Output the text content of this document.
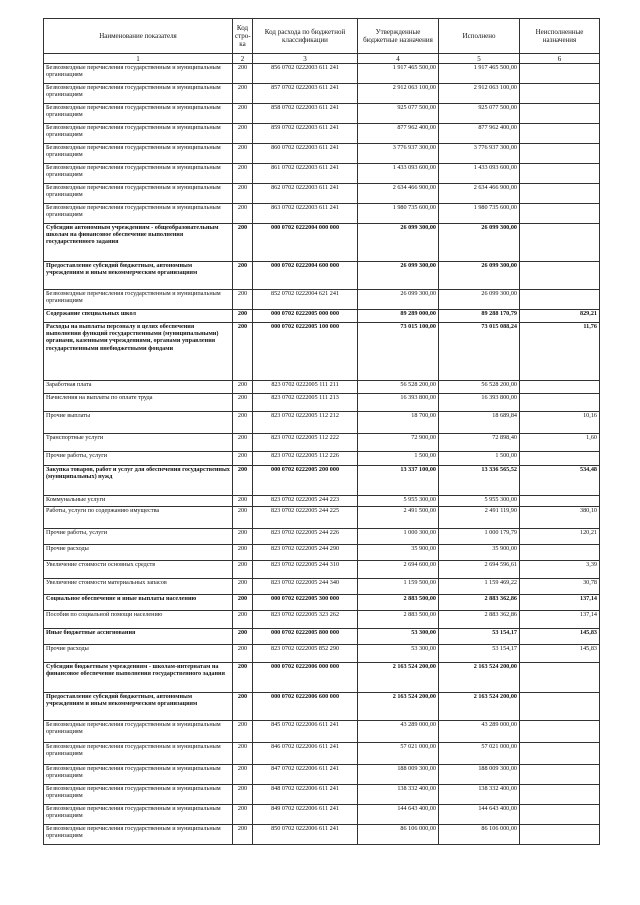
Наименование показателя	Код стро-ка	Код расхода по бюджетной классификации	Утвержденные бюджетные назначения	Исполнено	Неисполненные назначения
1	2	3	4	5	6
Безвозмездные перечисления государственным и муниципальным организациям	200	856 0702 0222003 611 241	1 917 465 500,00	1 917 465 500,00	
Безвозмездные перечисления государственным и муниципальным организациям	200	857 0702 0222003 611 241	2 912 063 100,00	2 912 063 100,00	
Безвозмездные перечисления государственным и муниципальным организациям	200	858 0702 0222003 611 241	925 077 500,00	925 077 500,00	
Безвозмездные перечисления государственным и муниципальным организациям	200	859 0702 0222003 611 241	877 962 400,00	877 962 400,00	
Безвозмездные перечисления государственным и муниципальным организациям	200	860 0702 0222003 611 241	3 776 937 300,00	3 776 937 300,00	
Безвозмездные перечисления государственным и муниципальным организациям	200	861 0702 0222003 611 241	1 433 093 600,00	1 433 093 600,00	
Безвозмездные перечисления государственным и муниципальным организациям	200	862 0702 0222003 611 241	2 634 466 900,00	2 634 466 900,00	
Безвозмездные перечисления государственным и муниципальным организациям	200	863 0702 0222003 611 241	1 980 735 600,00	1 980 735 600,00	
Субсидии автономным учреждениям - общеобразовательным школам на финансовое обеспечение выполнения государственного задания	200	000 0702 0222004 000 000	26 099 300,00	26 099 300,00	
Предоставление субсидий бюджетным, автономным учреждениям и иным некоммерческим организациям	200	000 0702 0222004 600 000	26 099 300,00	26 099 300,00	
Безвозмездные перечисления государственным и муниципальным организациям	200	852 0702 0222004 621 241	26 099 300,00	26 099 300,00	
Содержание специальных школ	200	000 0702 0222005 000 000	89 289 000,00	89 288 170,79	829,21
Расходы на выплаты персоналу в целях обеспечения выполнения функций государственными (муниципальными) органами, казенными учреждениями, органами управления государственными внебюджетными фондами	200	000 0702 0222005 100 000	73 015 100,00	73 015 088,24	11,76
Заработная плата	200	823 0702 0222005 111 211	56 528 200,00	56 528 200,00	
Начисления на выплаты по оплате труда	200	823 0702 0222005 111 213	16 393 800,00	16 393 800,00	
Прочие выплаты	200	823 0702 0222005 112 212	18 700,00	18 689,84	10,16
Транспортные услуги	200	823 0702 0222005 112 222	72 900,00	72 898,40	1,60
Прочие работы, услуги	200	823 0702 0222005 112 226	1 500,00	1 500,00	
Закупка товаров, работ и услуг для обеспечения государственных (муниципальных) нужд	200	000 0702 0222005 200 000	13 337 100,00	13 336 565,52	534,48
Коммунальные услуги	200	823 0702 0222005 244 223	5 955 300,00	5 955 300,00	
Работы, услуги по содержанию имущества	200	823 0702 0222005 244 225	2 491 500,00	2 491 119,90	380,10
Прочие работы, услуги	200	823 0702 0222005 244 226	1 000 300,00	1 000 179,79	120,21
Прочие расходы	200	823 0702 0222005 244 290	35 900,00	35 900,00	
Увеличение стоимости основных средств	200	823 0702 0222005 244 310	2 694 600,00	2 694 596,61	3,39
Увеличение стоимости материальных запасов	200	823 0702 0222005 244 340	1 159 500,00	1 159 469,22	30,78
Социальное обеспечение и иные выплаты населению	200	000 0702 0222005 300 000	2 883 500,00	2 883 362,86	137,14
Пособия по социальной помощи населению	200	823 0702 0222005 323 262	2 883 500,00	2 883 362,86	137,14
Иные бюджетные ассигнования	200	000 0702 0222005 800 000	53 300,00	53 154,17	145,83
Прочие расходы	200	823 0702 0222005 852 290	53 300,00	53 154,17	145,83
Субсидии бюджетным учреждениям - школам-интернатам на финансовое обеспечение выполнения государственного задания	200	000 0702 0222006 000 000	2 163 524 200,00	2 163 524 200,00	
Предоставление субсидий бюджетным, автономным учреждениям и иным некоммерческим организациям	200	000 0702 0222006 600 000	2 163 524 200,00	2 163 524 200,00	
Безвозмездные перечисления государственным и муниципальным организациям	200	845 0702 0222006 611 241	43 289 000,00	43 289 000,00	
Безвозмездные перечисления государственным и муниципальным организациям	200	846 0702 0222006 611 241	57 021 000,00	57 021 000,00	
Безвозмездные перечисления государственным и муниципальным организациям	200	847 0702 0222006 611 241	188 009 300,00	188 009 300,00	
Безвозмездные перечисления государственным и муниципальным организациям	200	848 0702 0222006 611 241	138 332 400,00	138 332 400,00	
Безвозмездные перечисления государственным и муниципальным организациям	200	849 0702 0222006 611 241	144 643 400,00	144 643 400,00	
Безвозмездные перечисления государственным и муниципальным организациям	200	850 0702 0222006 611 241	86 106 000,00	86 106 000,00	
